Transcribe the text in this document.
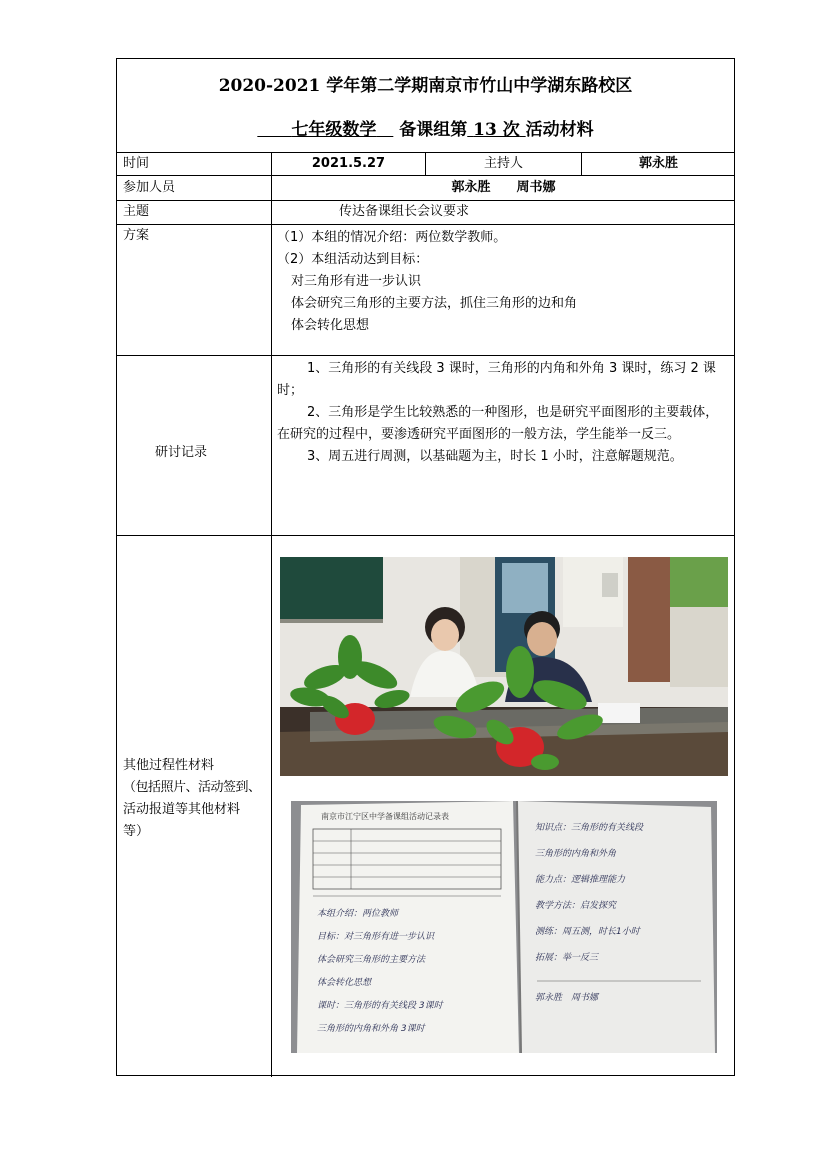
2020-2021 学年第二学期南京市竹山中学湖东路校区
　　七年级数学　 备课组第 13 次 活动材料
时间	2021.5.27	主持人	郭永胜
参加人员	郭永胜　　周书娜
主题	传达备课组长会议要求
方案	（1）本组的情况介绍：两位数学教师。
（2）本组活动达到目标：
对三角形有进一步认识
体会研究三角形的主要方法，抓住三角形的边和角
体会转化思想
研讨记录

1、三角形的有关线段 3 课时，三角形的内角和外角 3 课时，练习 2 课时；

2、三角形是学生比较熟悉的一种图形，也是研究平面图形的主要载体，在研究的过程中，要渗透研究平面图形的一般方法，学生能举一反三。

3、周五进行周测，以基础题为主，时长 1 小时，注意解题规范。

其他过程性材料
（包括照片、活动签到、
活动报道等其他材料
等）
南京市江宁区中学备课组活动记录表
本组介绍：两位教师
目标：对三角形有进一步认识
体会研究三角形的主要方法
体会转化思想
课时：三角形的有关线段 3课时
三角形的内角和外角 3课时
知识点：三角形的有关线段
三角形的内角和外角
能力点：逻辑推理能力
教学方法：启发探究
测练：周五测，时长1小时
拓展：举一反三
郭永胜　周书娜
